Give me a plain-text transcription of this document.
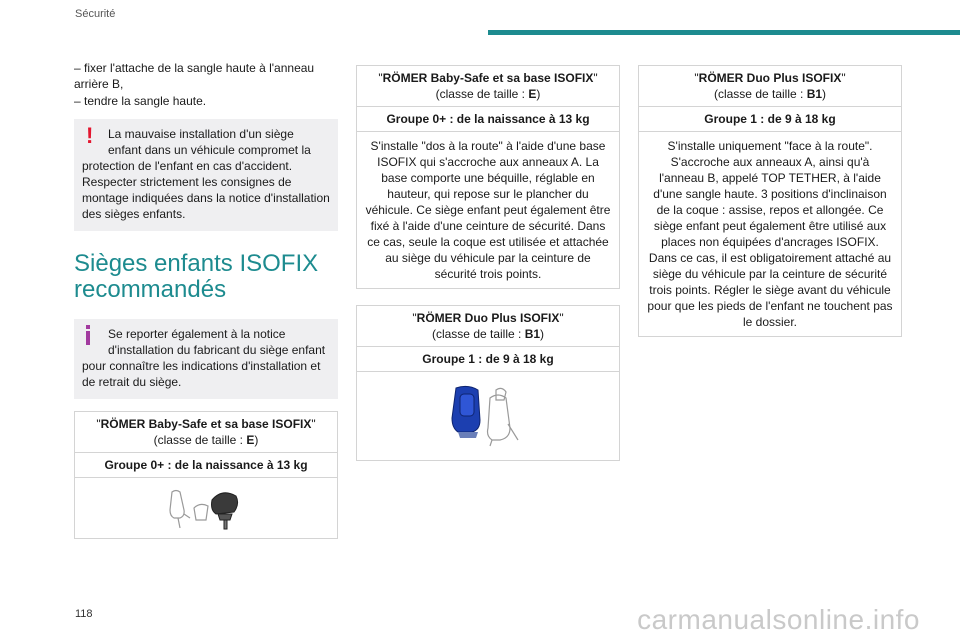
Sécurité
– fixer l'attache de la sangle haute à l'anneau arrière B,
– tendre la sangle haute.
!	La mauvaise installation d'un siège enfant dans un véhicule compromet la
protection de l'enfant en cas d'accident. Respecter strictement les consignes de montage indiquées dans la notice d'installation des sièges enfants.
Sièges enfants ISOFIX recommandés
Se reporter également à la notice d'installation du fabricant du siège enfant
pour connaître les indications d'installation et de retrait du siège.
"RÖMER Baby-Safe et sa base ISOFIX"
(classe de taille : E)
Groupe 0+ : de la naissance à 13 kg
"RÖMER Baby-Safe et sa base ISOFIX"
(classe de taille : E)
Groupe 0+ : de la naissance à 13 kg
S'installe "dos à la route" à l'aide d'une base ISOFIX qui s'accroche aux anneaux A. La base comporte une béquille, réglable en hauteur, qui repose sur le plancher du véhicule. Ce siège enfant peut également être fixé à l'aide d'une ceinture de sécurité. Dans ce cas, seule la coque est utilisée et attachée au siège du véhicule par la ceinture de sécurité trois points.
"RÖMER Duo Plus ISOFIX"
(classe de taille : B1)
Groupe 1 : de 9 à 18 kg
"RÖMER Duo Plus ISOFIX"
(classe de taille : B1)
Groupe 1 : de 9 à 18 kg
S'installe uniquement "face à la route". S'accroche aux anneaux A, ainsi qu'à l'anneau B, appelé TOP TETHER, à l'aide d'une sangle haute. 3 positions d'inclinaison de la coque : assise, repos et allongée. Ce siège enfant peut également être utilisé aux places non équipées d'ancrages ISOFIX. Dans ce cas, il est obligatoirement attaché au siège du véhicule par la ceinture de sécurité trois points. Régler le siège avant du véhicule pour que les pieds de l'enfant ne touchent pas le dossier.
118	carmanualsonline.info
